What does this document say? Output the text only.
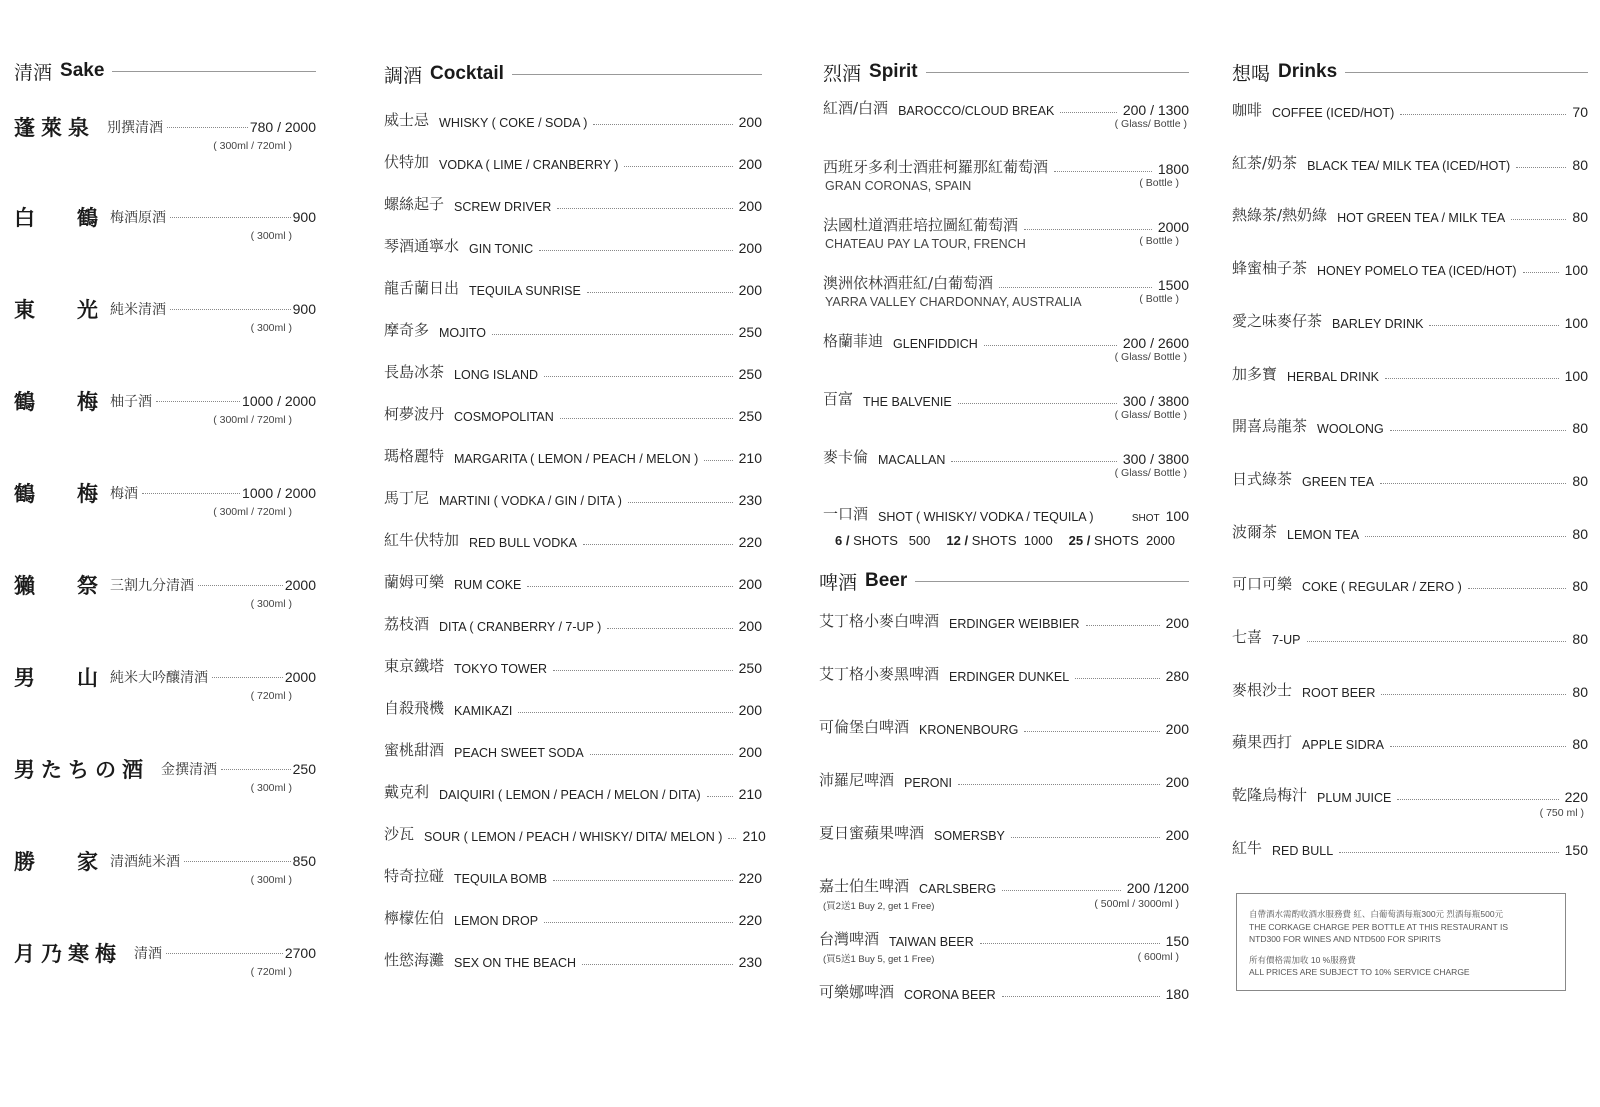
清酒 Sake
蓬萊泉 別撰清酒	780 / 2000
( 300ml / 720ml )
白 鶴 梅酒原酒	900
( 300ml )
東 光 純米清酒	900
( 300ml )
鶴 梅 柚子酒	1000 / 2000
( 300ml / 720ml )
鶴 梅 梅酒	1000 / 2000
( 300ml / 720ml )
獺 祭 三割九分清酒	2000
( 300ml )
男 山 純米大吟釀清酒	2000
( 720ml )
男たちの酒 金撰清酒	250
( 300ml )
勝 家 清酒純米酒	850
( 300ml )
月乃寒梅 清酒	2700
( 720ml )
調酒 Cocktail
威士忌 WHISKY ( COKE / SODA )	200
伏特加 VODKA ( LIME / CRANBERRY )	200
螺絲起子 SCREW DRIVER	200
琴酒通寧水 GIN TONIC	200
龍舌蘭日出 TEQUILA SUNRISE	200
摩奇多 MOJITO	250
長島冰茶 LONG ISLAND	250
柯夢波丹 COSMOPOLITAN	250
瑪格麗特 MARGARITA ( LEMON / PEACH / MELON )	210
馬丁尼 MARTINI ( VODKA / GIN / DITA )	230
紅牛伏特加 RED BULL VODKA	220
蘭姆可樂 RUM COKE	200
荔枝酒 DITA ( CRANBERRY / 7-UP )	200
東京鐵塔 TOKYO TOWER	250
自殺飛機 KAMIKAZI	200
蜜桃甜酒 PEACH SWEET SODA	200
戴克利 DAIQUIRI ( LEMON / PEACH / MELON / DITA)	210
沙瓦 SOUR ( LEMON / PEACH / WHISKY/ DITA/ MELON ) 210
特奇拉碰 TEQUILA BOMB	220
檸檬佐伯 LEMON DROP	220
性慾海灘 SEX ON THE BEACH	230
烈酒 Spirit
紅酒/白酒 BAROCCO/CLOUD BREAK	200 / 1300
( Glass/ Bottle )
西班牙多利士酒莊柯羅那紅葡萄酒	1800
GRAN CORONAS, SPAIN	( Bottle )
法國杜道酒莊培拉圖紅葡萄酒	2000
CHATEAU PAY LA TOUR, FRENCH	( Bottle )
澳洲依林酒莊紅/白葡萄酒	1500
YARRA VALLEY CHARDONNAY, AUSTRALIA	( Bottle )
格蘭菲迪 GLENFIDDICH	200 / 2600
( Glass/ Bottle )
百富 THE BALVENIE	300 / 3800
( Glass/ Bottle )
麥卡倫 MACALLAN	300 / 3800
( Glass/ Bottle )
一口酒 SHOT ( WHISKY/ VODKA / TEQUILA )	SHOT 100
6 / SHOTS 500 12 / SHOTS 1000 25 / SHOTS 2000
啤酒 Beer
艾丁格小麥白啤酒 ERDINGER WEIBBIER	200
艾丁格小麥黑啤酒 ERDINGER DUNKEL	280
可倫堡白啤酒 KRONENBOURG	200
沛羅尼啤酒 PERONI	200
夏日蜜蘋果啤酒 SOMERSBY	200
嘉士伯生啤酒 CARLSBERG	200 /1200
(買2送1 Buy 2, get 1 Free)	( 500ml / 3000ml )
台灣啤酒 TAIWAN BEER	150
(買5送1 Buy 5, get 1 Free)	( 600ml )
可樂娜啤酒 CORONA BEER	180
想喝 Drinks
咖啡 COFFEE (ICED/HOT)	70
紅茶/奶茶 BLACK TEA/ MILK TEA (ICED/HOT)	80
熱綠茶/熱奶綠 HOT GREEN TEA / MILK TEA	80
蜂蜜柚子茶 HONEY POMELO TEA (ICED/HOT)	100
愛之味麥仔茶 BARLEY DRINK	100
加多寶 HERBAL DRINK	100
開喜烏龍茶 WOOLONG	80
日式綠茶 GREEN TEA	80
波爾茶 LEMON TEA	80
可口可樂 COKE ( REGULAR / ZERO )	80
七喜 7-UP	80
麥根沙士 ROOT BEER	80
蘋果西打 APPLE SIDRA	80
乾隆烏梅汁 PLUM JUICE	220
( 750 ml )
紅牛 RED BULL	150

自帶酒水需酌收酒水服務費 紅、白葡萄酒每瓶300元 烈酒每瓶500元
THE CORKAGE CHARGE PER BOTTLE AT THIS RESTAURANT IS
NTD300 FOR WINES AND NTD500 FOR SPIRITS

所有價格需加收 10 %服務費
ALL PRICES ARE SUBJECT TO 10% SERVICE CHARGE
